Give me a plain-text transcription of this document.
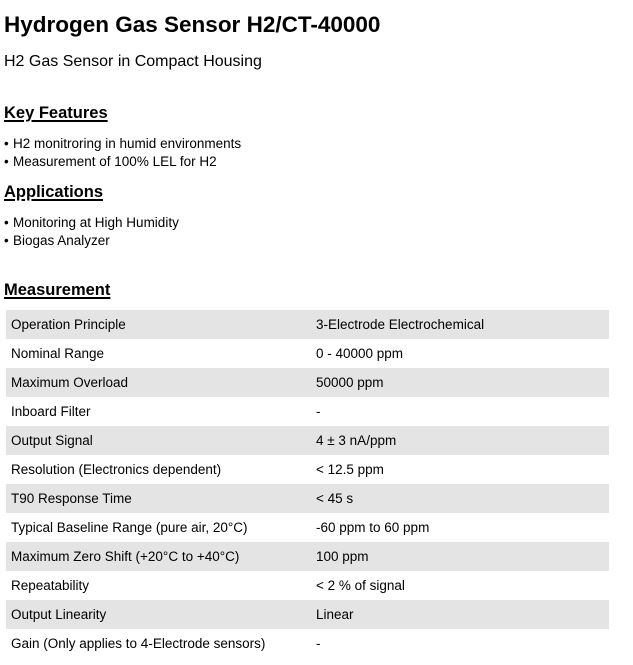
Hydrogen Gas Sensor H2/CT-40000

H2 Gas Sensor in Compact Housing

Key Features
• H2 monitroring in humid environments
• Measurement of 100% LEL for H2
Applications
• Monitoring at High Humidity
• Biogas Analyzer
Measurement
Operation Principle	3-Electrode Electrochemical
Nominal Range	0 - 40000 ppm
Maximum Overload	50000 ppm
Inboard Filter	-
Output Signal	4 ± 3 nA/ppm
Resolution (Electronics dependent)	< 12.5 ppm
T90 Response Time	< 45 s
Typical Baseline Range (pure air, 20°C)	-60 ppm to 60 ppm
Maximum Zero Shift (+20°C to +40°C)	100 ppm
Repeatability	< 2 % of signal
Output Linearity	Linear
Gain (Only applies to 4-Electrode sensors)	-
